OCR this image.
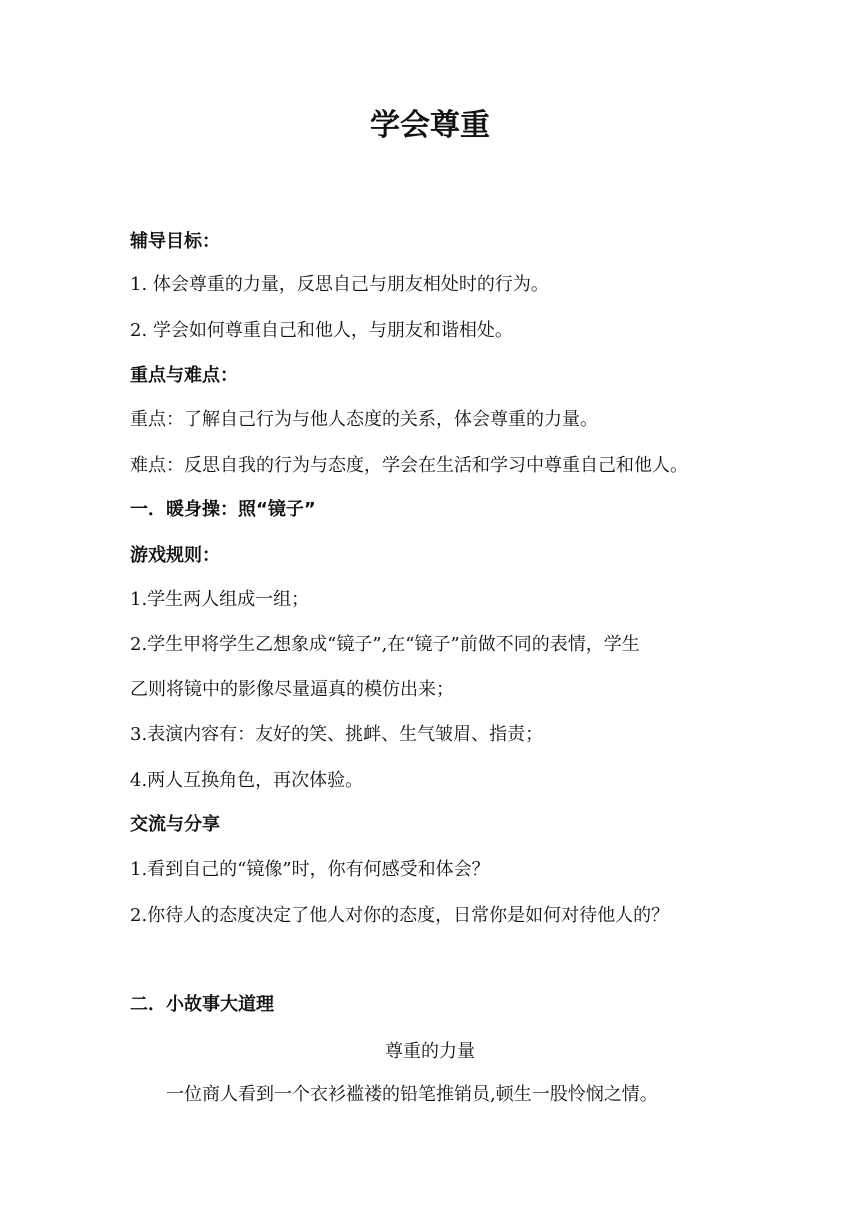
学会尊重
辅导目标：
1. 体会尊重的力量，反思自己与朋友相处时的行为。
2. 学会如何尊重自己和他人，与朋友和谐相处。
重点与难点：
重点：了解自己行为与他人态度的关系，体会尊重的力量。
难点：反思自我的行为与态度，学会在生活和学习中尊重自己和他人。
一．暖身操：照“镜子”
游戏规则：
1.学生两人组成一组；
2.学生甲将学生乙想象成“镜子”,在“镜子”前做不同的表情，学生
乙则将镜中的影像尽量逼真的模仿出来；
3.表演内容有：友好的笑、挑衅、生气皱眉、指责；
4.两人互换角色，再次体验。
交流与分享
1.看到自己的“镜像”时，你有何感受和体会？
2.你待人的态度决定了他人对你的态度，日常你是如何对待他人的？
二．小故事大道理
尊重的力量
一位商人看到一个衣衫褴褛的铅笔推销员,顿生一股怜悯之情。
